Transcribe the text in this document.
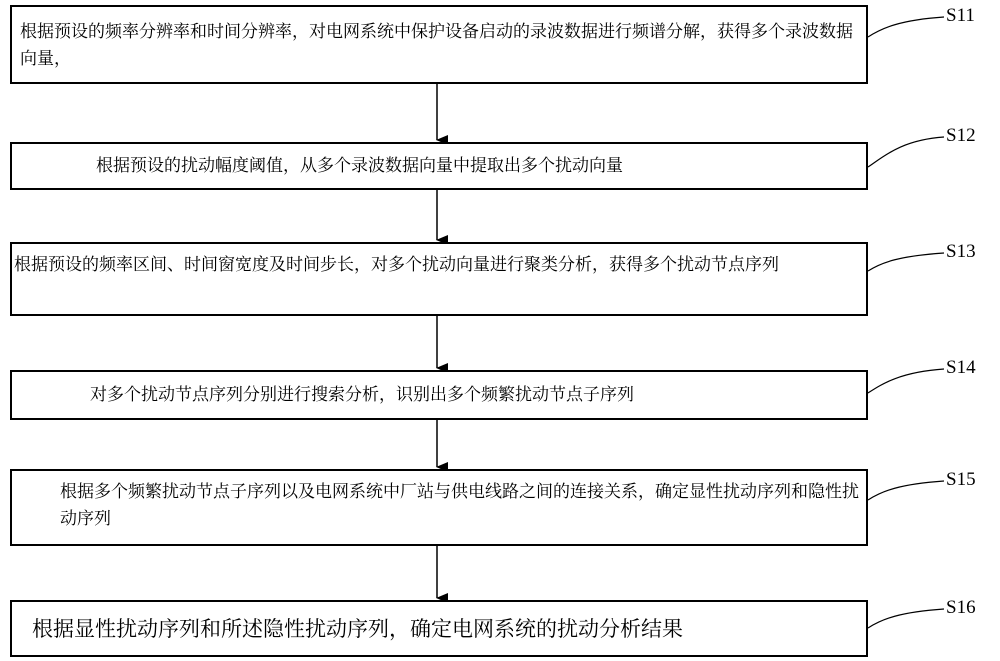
根据预设的频率分辨率和时间分辨率，对电网系统中保护设备启动的录波数据进行频谱分解，获得多个录波数据向量，
S11
根据预设的扰动幅度阈值，从多个录波数据向量中提取出多个扰动向量
S12
根据预设的频率区间、时间窗宽度及时间步长，对多个扰动向量进行聚类分析，获得多个扰动节点序列
S13
对多个扰动节点序列分别进行搜索分析，识别出多个频繁扰动节点子序列
S14
根据多个频繁扰动节点子序列以及电网系统中厂站与供电线路之间的连接关系，确定显性扰动序列和隐性扰动序列
S15
根据显性扰动序列和所述隐性扰动序列，确定电网系统的扰动分析结果
S16
